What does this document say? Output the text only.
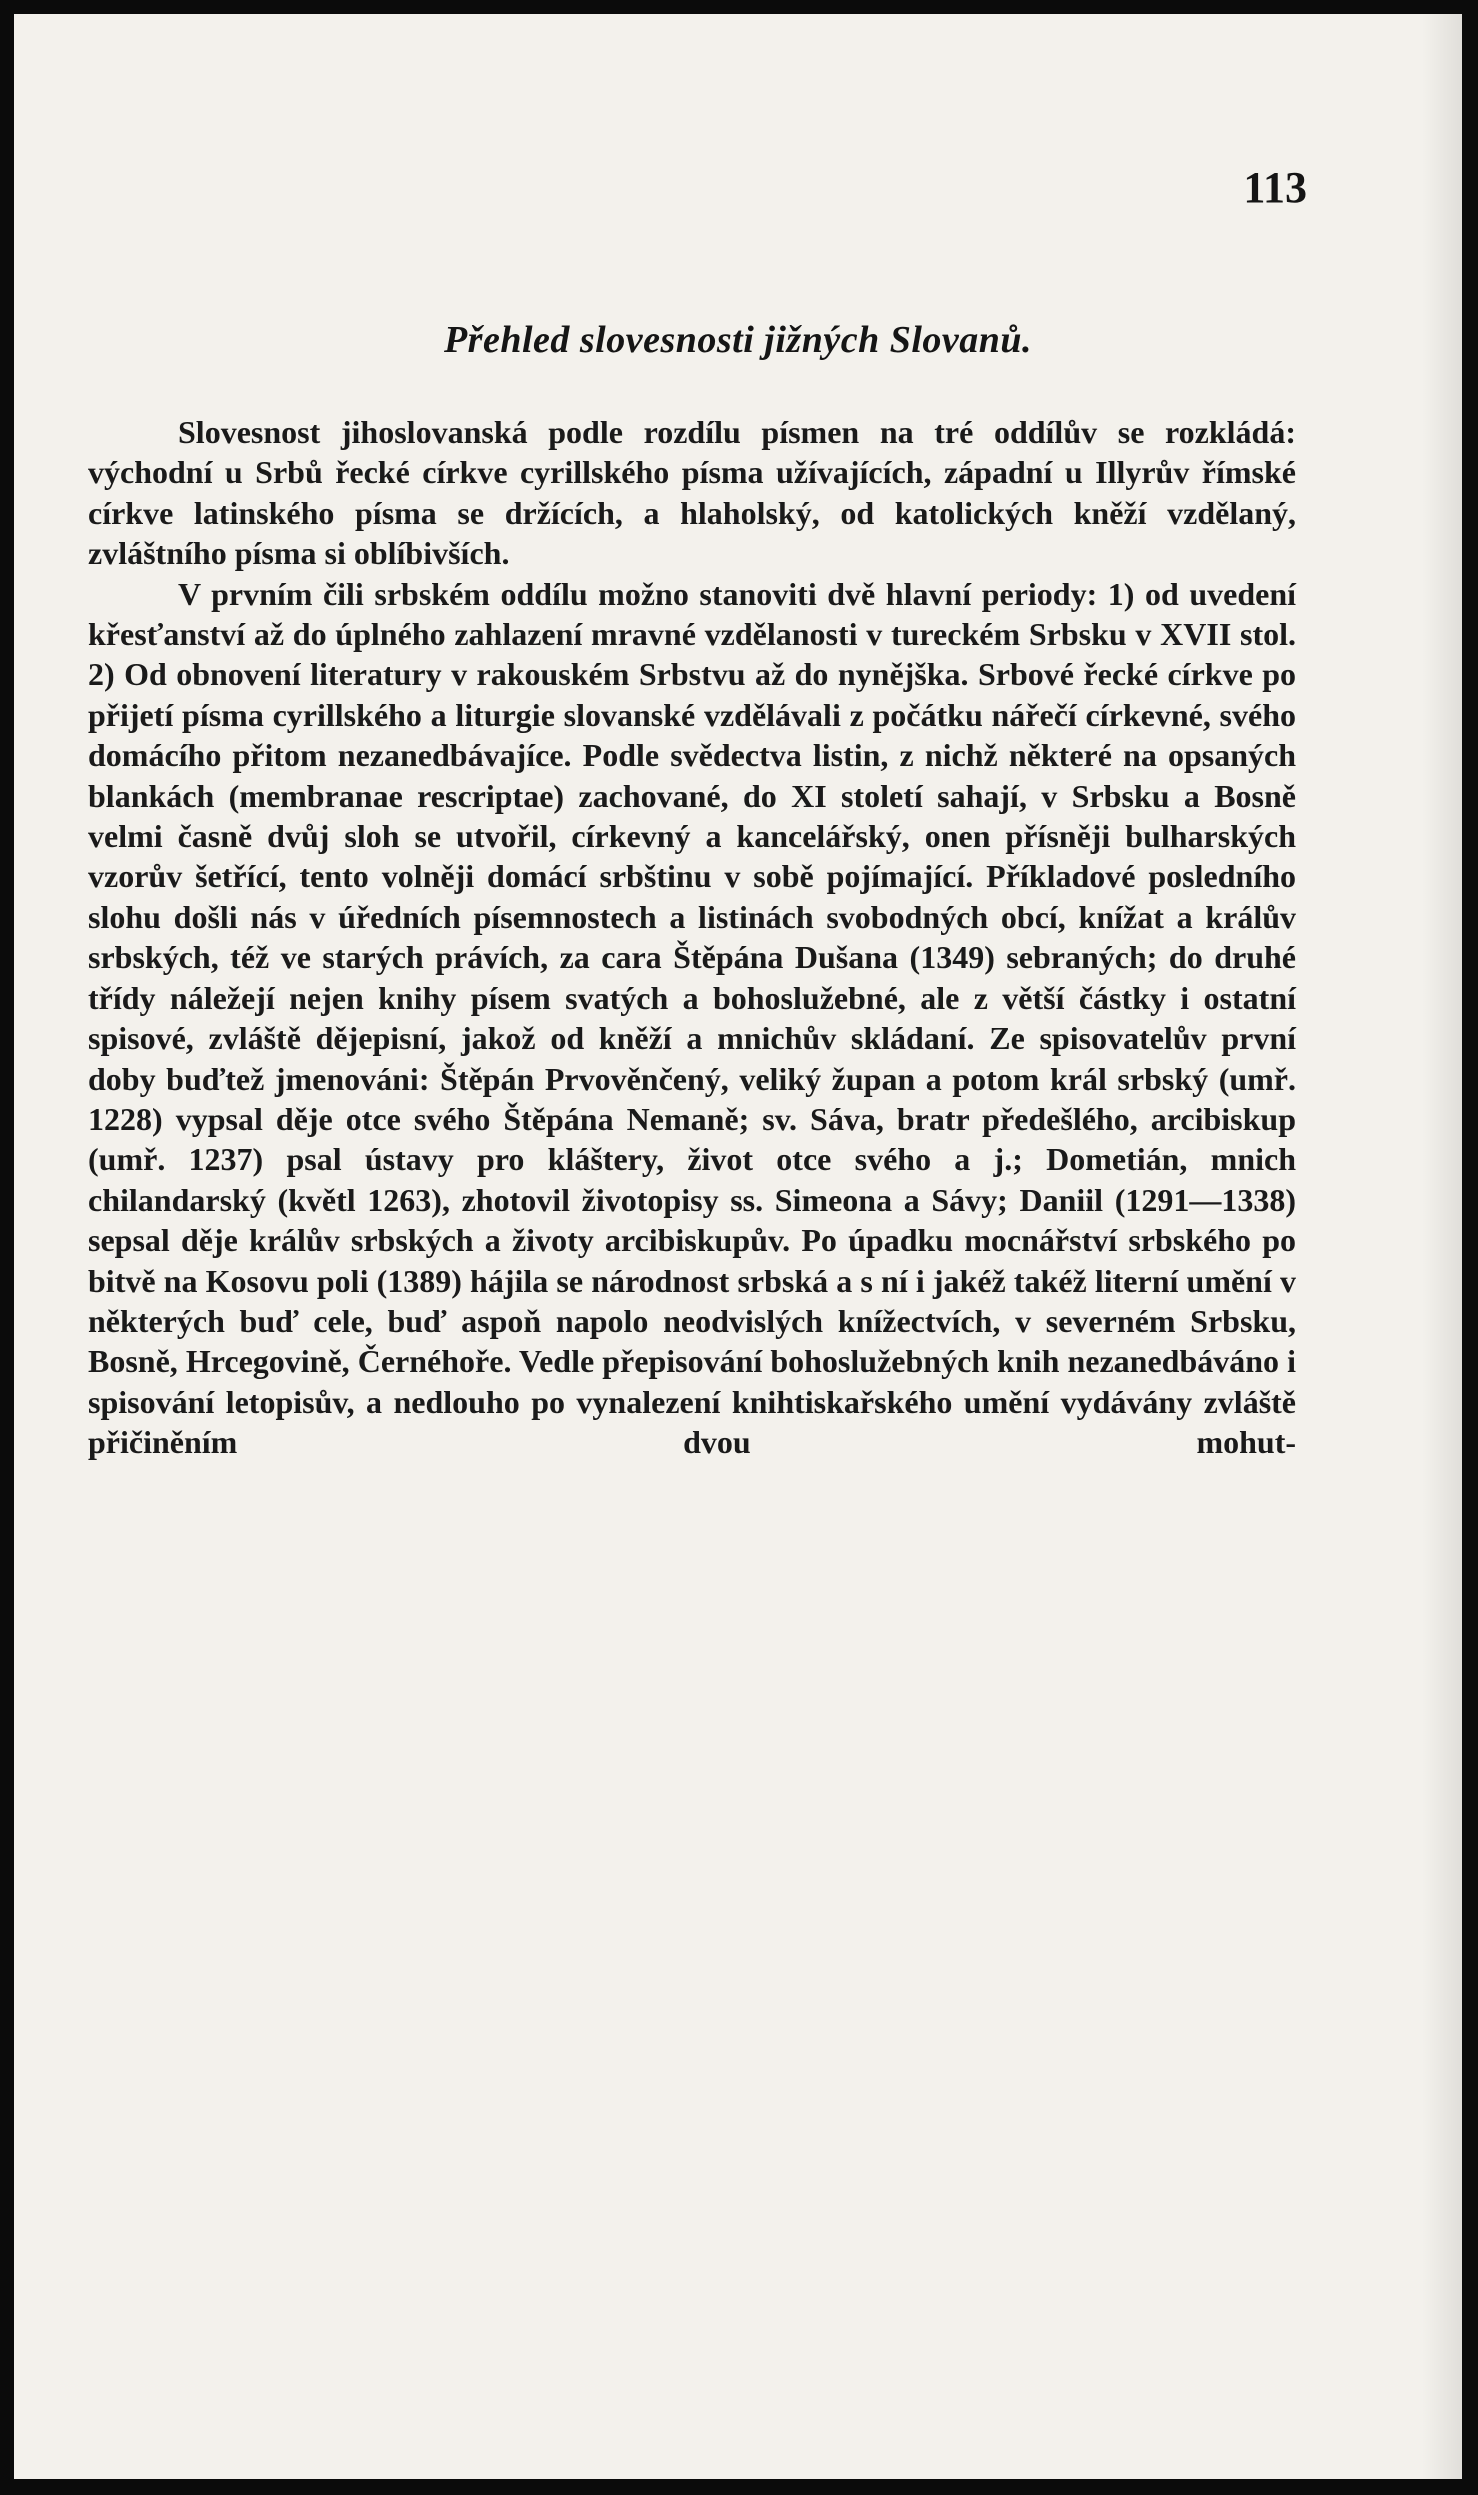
113
Přehled slovesnosti jižných Slovanů.

Slovesnost jihoslovanská podle rozdílu písmen na tré oddílův se rozkládá: východní u Srbů řecké církve cyrillského písma užívajících, západní u Illyrův římské církve latinského písma se držících, a hlaholský, od katolických kněží vzdělaný, zvláštního písma si oblíbivších.

V prvním čili srbském oddílu možno stanoviti dvě hlavní periody: 1) od uvedení křesťanství až do úplného zahlazení mravné vzdělanosti v tureckém Srbsku v XVII stol. 2) Od obnovení literatury v rakouském Srbstvu až do nynějška. Srbové řecké církve po přijetí písma cyrillského a liturgie slovanské vzdělávali z počátku nářečí církevné, svého domácího přitom nezanedbávajíce. Podle svědectva listin, z nichž některé na opsaných blankách (membranae rescriptae) zachované, do XI století sahají, v Srbsku a Bosně velmi časně dvůj sloh se utvořil, církevný a kancelářský, onen přísněji bulharských vzorův šetřící, tento volněji domácí srbštinu v sobě pojímající. Příkladové posledního slohu došli nás v úředních písemnostech a listinách svobodných obcí, knížat a králův srbských, též ve starých právích, za cara Štěpána Dušana (1349) sebraných; do druhé třídy náležejí nejen knihy písem svatých a bohoslužebné, ale z větší částky i ostatní spisové, zvláště dějepisní, jakož od kněží a mnichův skládaní. Ze spisovatelův první doby buďtež jmenováni: Štěpán Prvověnčený, veliký župan a potom král srbský (umř. 1228) vypsal děje otce svého Štěpána Nemaně; sv. Sáva, bratr předešlého, arcibiskup (umř. 1237) psal ústavy pro kláštery, život otce svého a j.; Dometián, mnich chilandarský (květl 1263), zhotovil životopisy ss. Simeona a Sávy; Daniil (1291—1338) sepsal děje králův srbských a životy arcibiskupův. Po úpadku mocnářství srbského po bitvě na Kosovu poli (1389) hájila se národnost srbská a s ní i jakéž takéž literní umění v některých buď cele, buď aspoň napolo neodvislých knížectvích, v severném Srbsku, Bosně, Hrcegovině, Černéhoře. Vedle přepisování bohoslužebných knih nezanedbáváno i spisování letopisův, a nedlouho po vynalezení knihtiskařského umění vydávány zvláště přičiněním dvou mohut-
